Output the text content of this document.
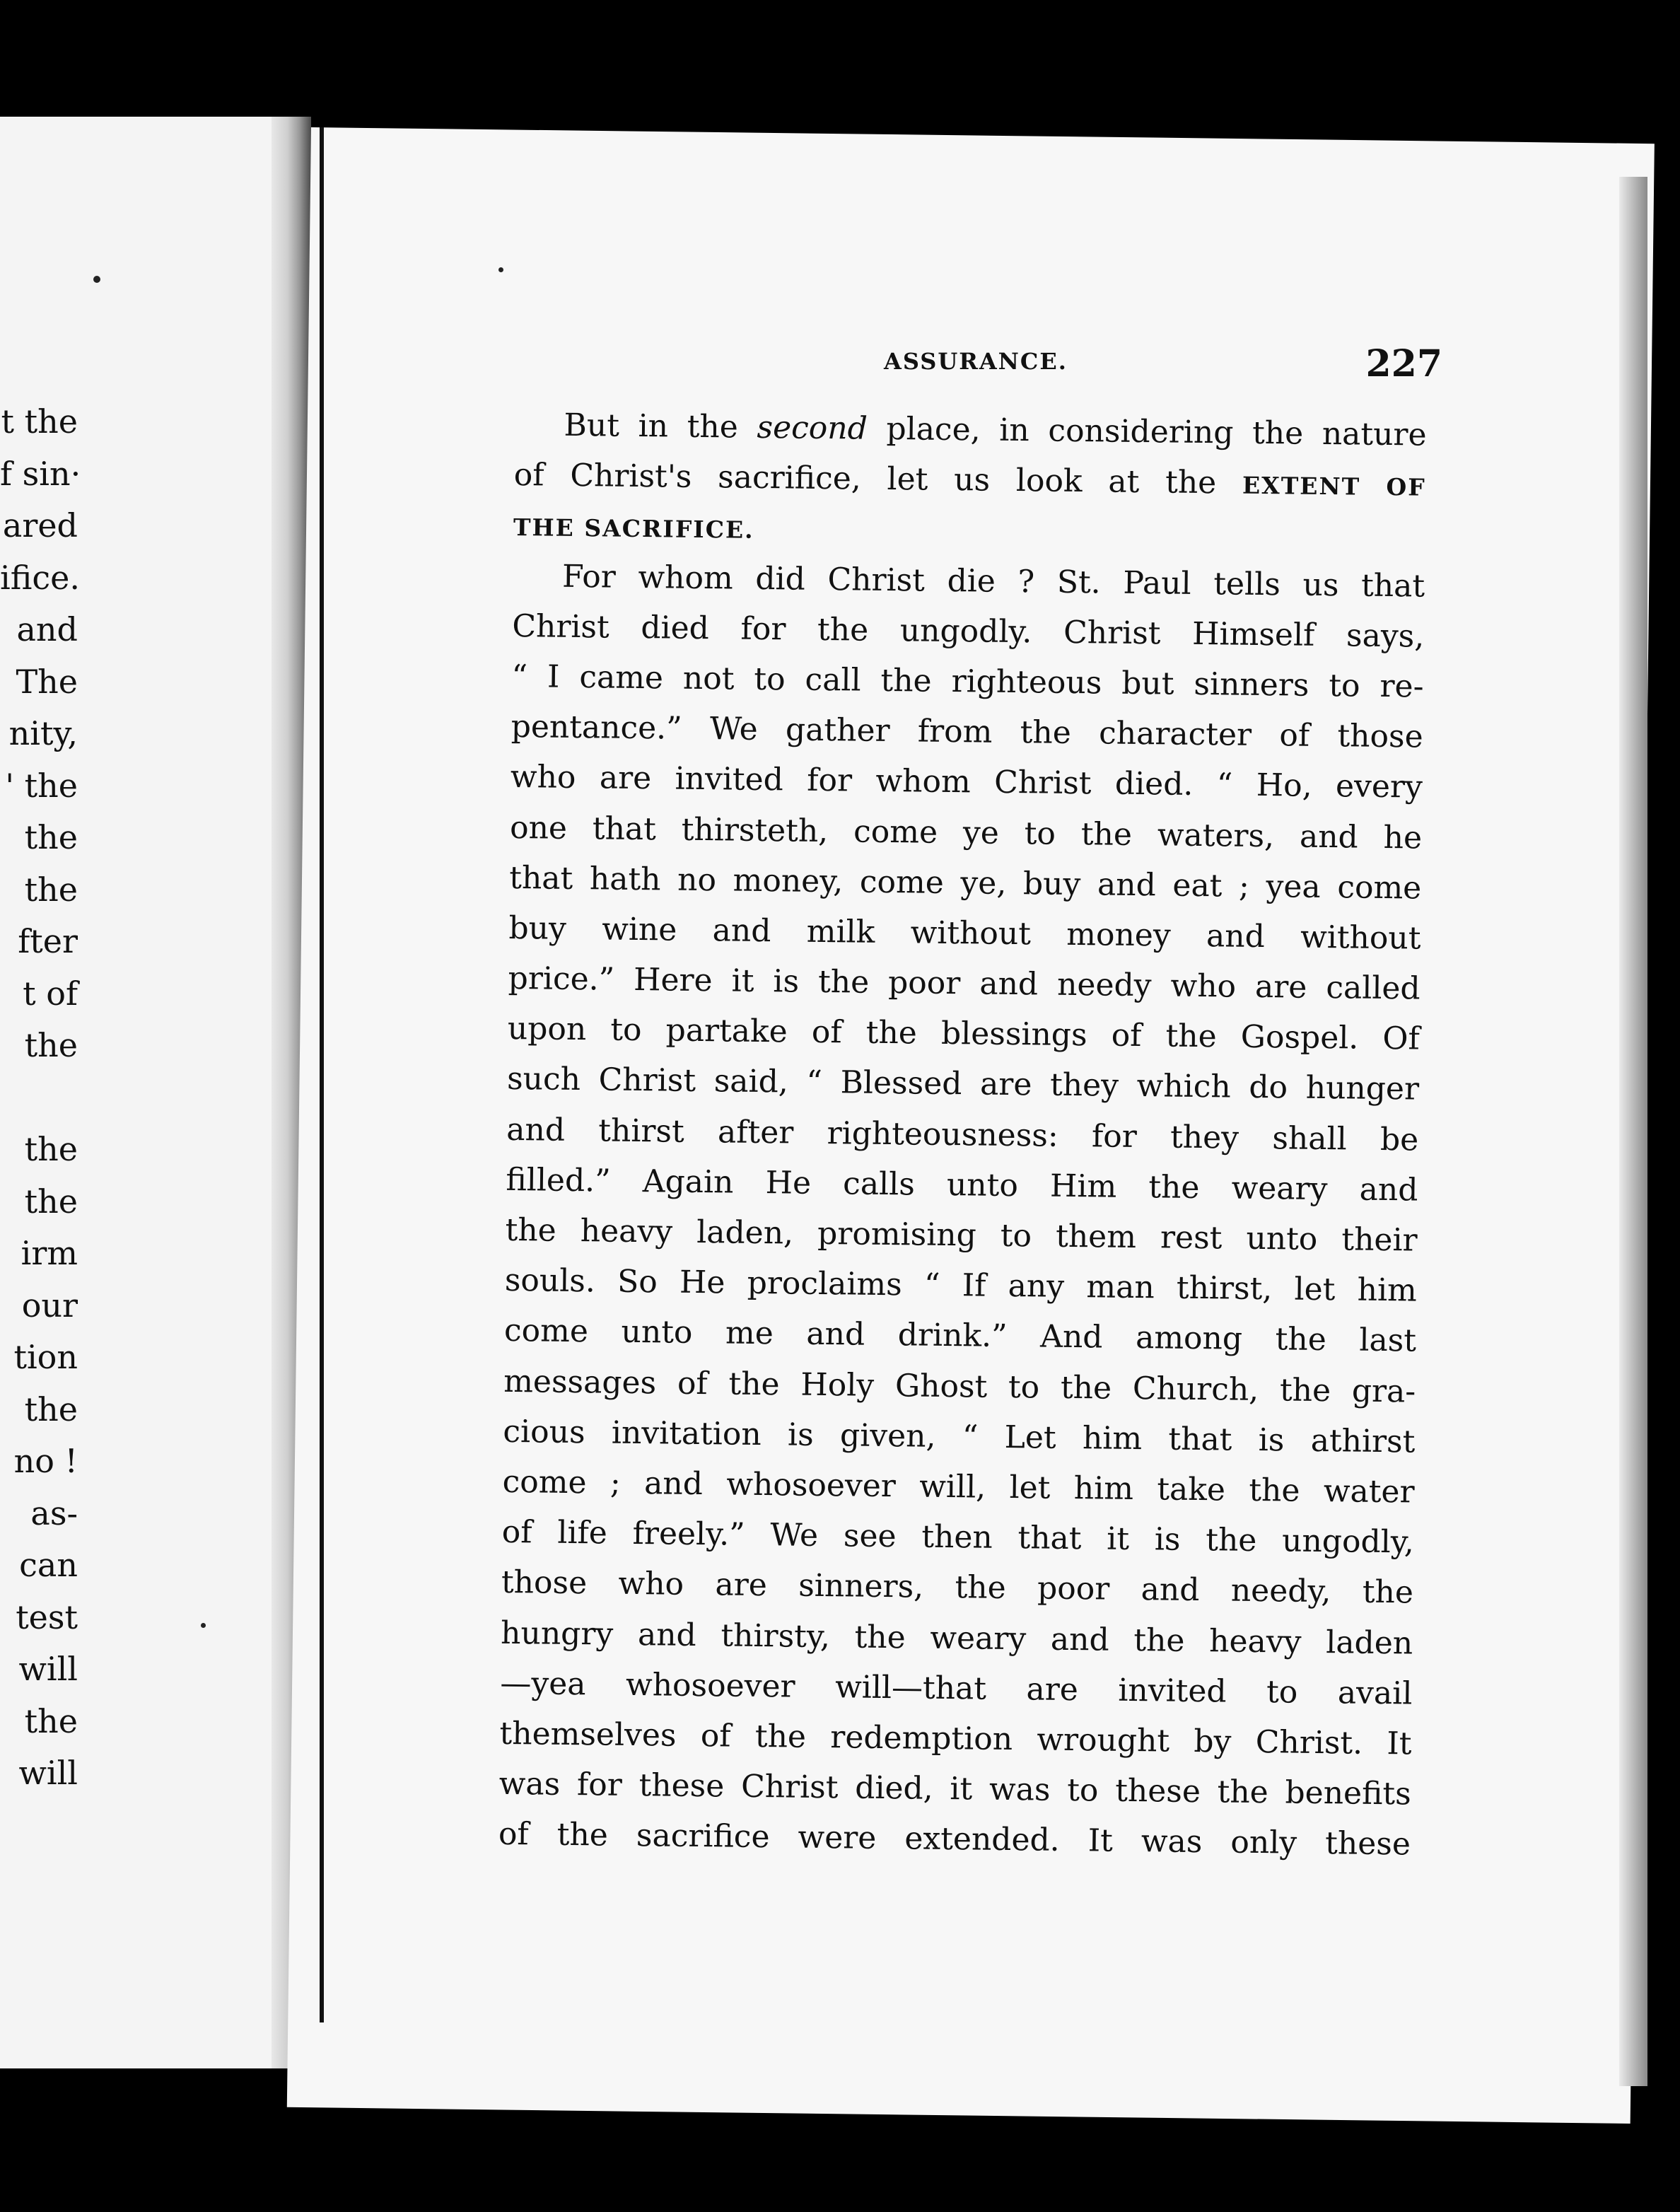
t the
f sin·
ared
ifice.
and
The
nity,
' the
the
the
fter
t of
the
the
the
irm
our
tion
the
no !
as-
can
test
will
the
will
ASSURANCE.	227
But in the second place, in considering the nature
of Christ's sacrifice, let us look at the EXTENT OF
THE SACRIFICE.
For whom did Christ die ? St. Paul tells us that
Christ died for the ungodly. Christ Himself says,
“ I came not to call the righteous but sinners to re-
pentance.” We gather from the character of those
who are invited for whom Christ died. “ Ho, every
one that thirsteth, come ye to the waters, and he
that hath no money, come ye, buy and eat ; yea come
buy wine and milk without money and without
price.” Here it is the poor and needy who are called
upon to partake of the blessings of the Gospel. Of
such Christ said, “ Blessed are they which do hunger
and thirst after righteousness: for they shall be
filled.” Again He calls unto Him the weary and
the heavy laden, promising to them rest unto their
souls. So He proclaims “ If any man thirst, let him
come unto me and drink.” And among the last
messages of the Holy Ghost to the Church, the gra-
cious invitation is given, “ Let him that is athirst
come ; and whosoever will, let him take the water
of life freely.” We see then that it is the ungodly,
those who are sinners, the poor and needy, the
hungry and thirsty, the weary and the heavy laden
—yea whosoever will—that are invited to avail
themselves of the redemption wrought by Christ. It
was for these Christ died, it was to these the benefits
of the sacrifice were extended. It was only these
